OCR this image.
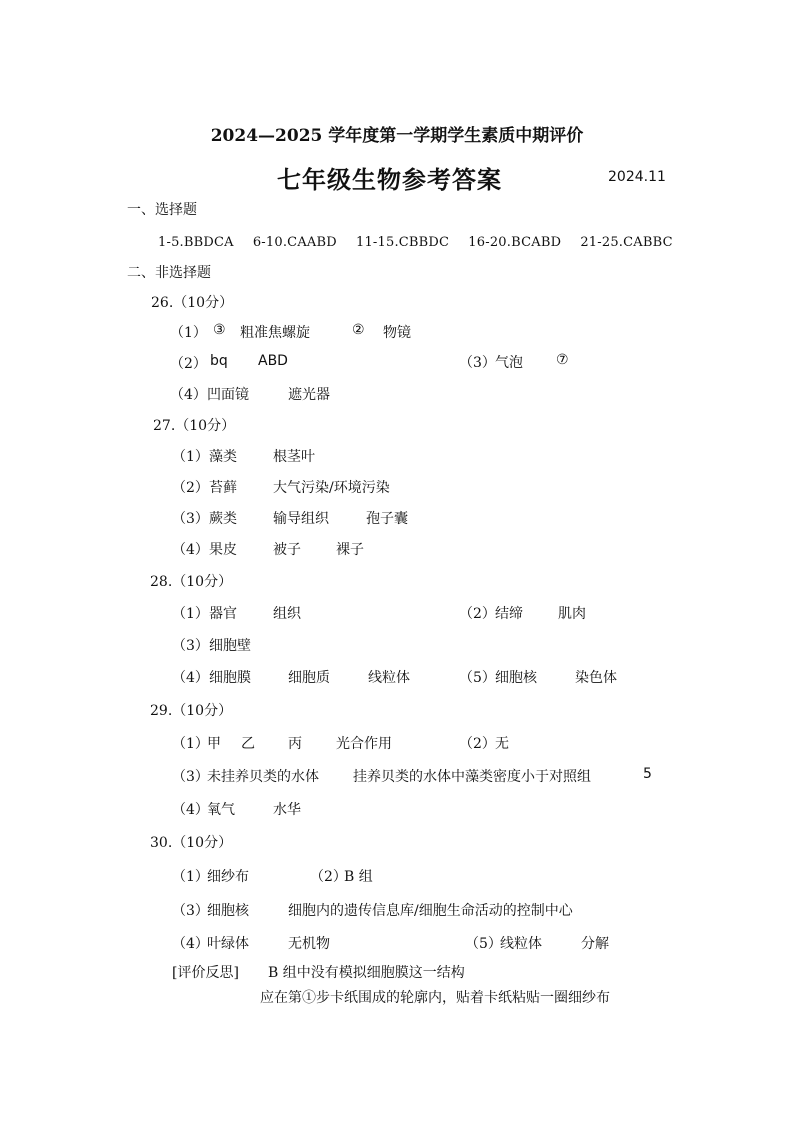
2024—2025 学年度第一学期学生素质中期评价
七年级生物参考答案	2024.11
一、选择题
1-5.BBDCA 6-10.CAABD 11-15.CBBDC 16-20.BCABD 21-25.CABBC
二、非选择题
26.（10分）
（1） ③ 粗准焦螺旋	② 物镜
（2） bq ABD	（3） 气泡 ⑦
（4） 凹面镜	遮光器
27.（10分）
（1） 藻类	根茎叶
（2） 苔藓	大气污染/环境污染
（3） 蕨类	输导组织	孢子囊
（4） 果皮	被子	裸子
28.（10分）
（1） 器官	组织	（2） 结缔	肌肉
（3） 细胞壁
（4） 细胞膜	细胞质	线粒体	（5） 细胞核	染色体
29.（10分）
（1）
甲 乙 丙 光合作用	（2） 无
（3）
未挂养贝类的水体 挂养贝类的水体中藻类密度小于对照组	5
（4）
氧气	水华
30.（10分）
（1）
细纱布	（2）
B 组
（3）
细胞核	细胞内的遗传信息库/细胞生命活动的控制中心
（4）
叶绿体	无机物	（5）
线粒体	分解
[评价反思] B 组中没有模拟细胞膜这一结构
应在第①步卡纸围成的轮廓内，贴着卡纸粘贴一圈细纱布
